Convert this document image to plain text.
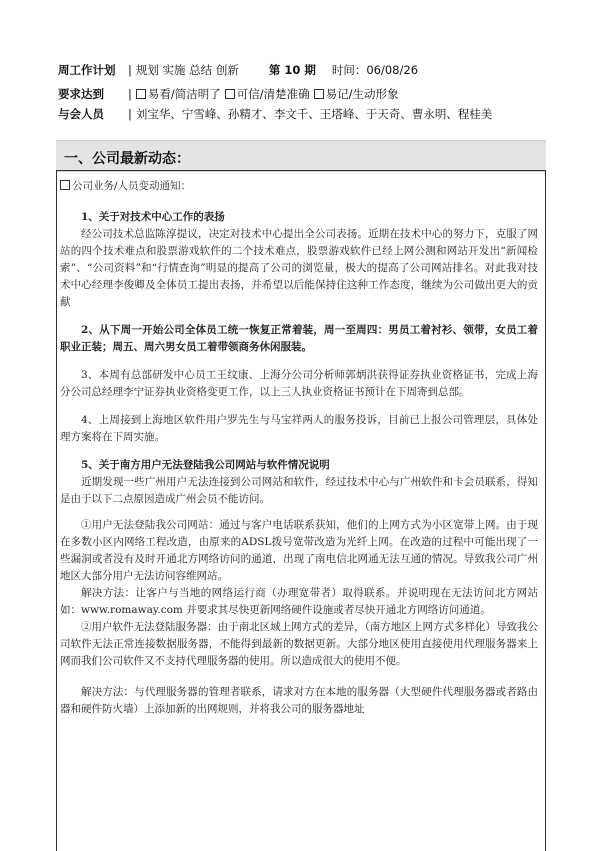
周工作计划 | 规划 实施 总结 创新	第 10 期 时间：06/08/26
要求达到 | 易看/简洁明了 可信/清楚准确 易记/生动形象
与会人员 | 刘宝华、宁雪峰、孙精才、李文千、王塔峰、于天奇、曹永明、程桂美
一、公司最新动态：

公司业务/人员变动通知：

1、关于对技术中心工作的表扬

经公司技术总监陈淳提议，决定对技术中心提出全公司表扬。近期在技术中心的努力下，克服了网站的四个技术难点和股票游戏软件的二个技术难点，股票游戏软件已经上网公测和网站开发出“新闻检索”、“公司资料”和“行情查询”明显的提高了公司的浏览量，极大的提高了公司网站排名。对此我对技术中心经理李俊卿及全体员工提出表扬，并希望以后能保持住这种工作态度，继续为公司做出更大的贡献

2、从下周一开始公司全体员工统一恢复正常着装，周一至周四：男员工着衬衫、领带，女员工着职业正装；周五、周六男女员工着带领商务休闲服装。

3、本周有总部研发中心员工王纹康、上海分公司分析师郭炳洪获得证券执业资格证书，完成上海分公司总经理李宁证券执业资格变更工作，以上三人执业资格证书预计在下周寄到总部。

4、上周接到上海地区软件用户罗先生与马宝祥两人的服务投诉，目前已上报公司管理层，具体处理方案将在下周实施。

5、关于南方用户无法登陆我公司网站与软件情况说明

近期发现一些广州用户无法连接到公司网站和软件，经过技术中心与广州软件和卡会员联系，得知是由于以下二点原因造成广州会员不能访问。

①用户无法登陆我公司网站：通过与客户电话联系获知，他们的上网方式为小区宽带上网。由于现在多数小区内网络工程改造，由原来的ADSL拨号宽带改造为光纤上网。在改造的过程中可能出现了一些漏洞或者没有及时开通北方网络访问的通道，出现了南电信北网通无法互通的情况。导致我公司广州地区大部分用户无法访问容维网站。

解决方法：让客户与当地的网络运行商（办理宽带者）取得联系。并说明现在无法访问北方网站如：www.romaway.com 并要求其尽快更新网络硬件设施或者尽快开通北方网络访问通道。

②用户软件无法登陆服务器：由于南北区域上网方式的差异，（南方地区上网方式多样化）导致我公司软件无法正常连接数据服务器，不能得到最新的数据更新。大部分地区使用直接使用代理服务器来上网而我们公司软件又不支持代理服务器的使用。所以造成很大的使用不便。

解决方法：与代理服务器的管理者联系，请求对方在本地的服务器（大型硬件代理服务器或者路由器和硬件防火墙）上添加新的出网规则，并将我公司的服务器地址
